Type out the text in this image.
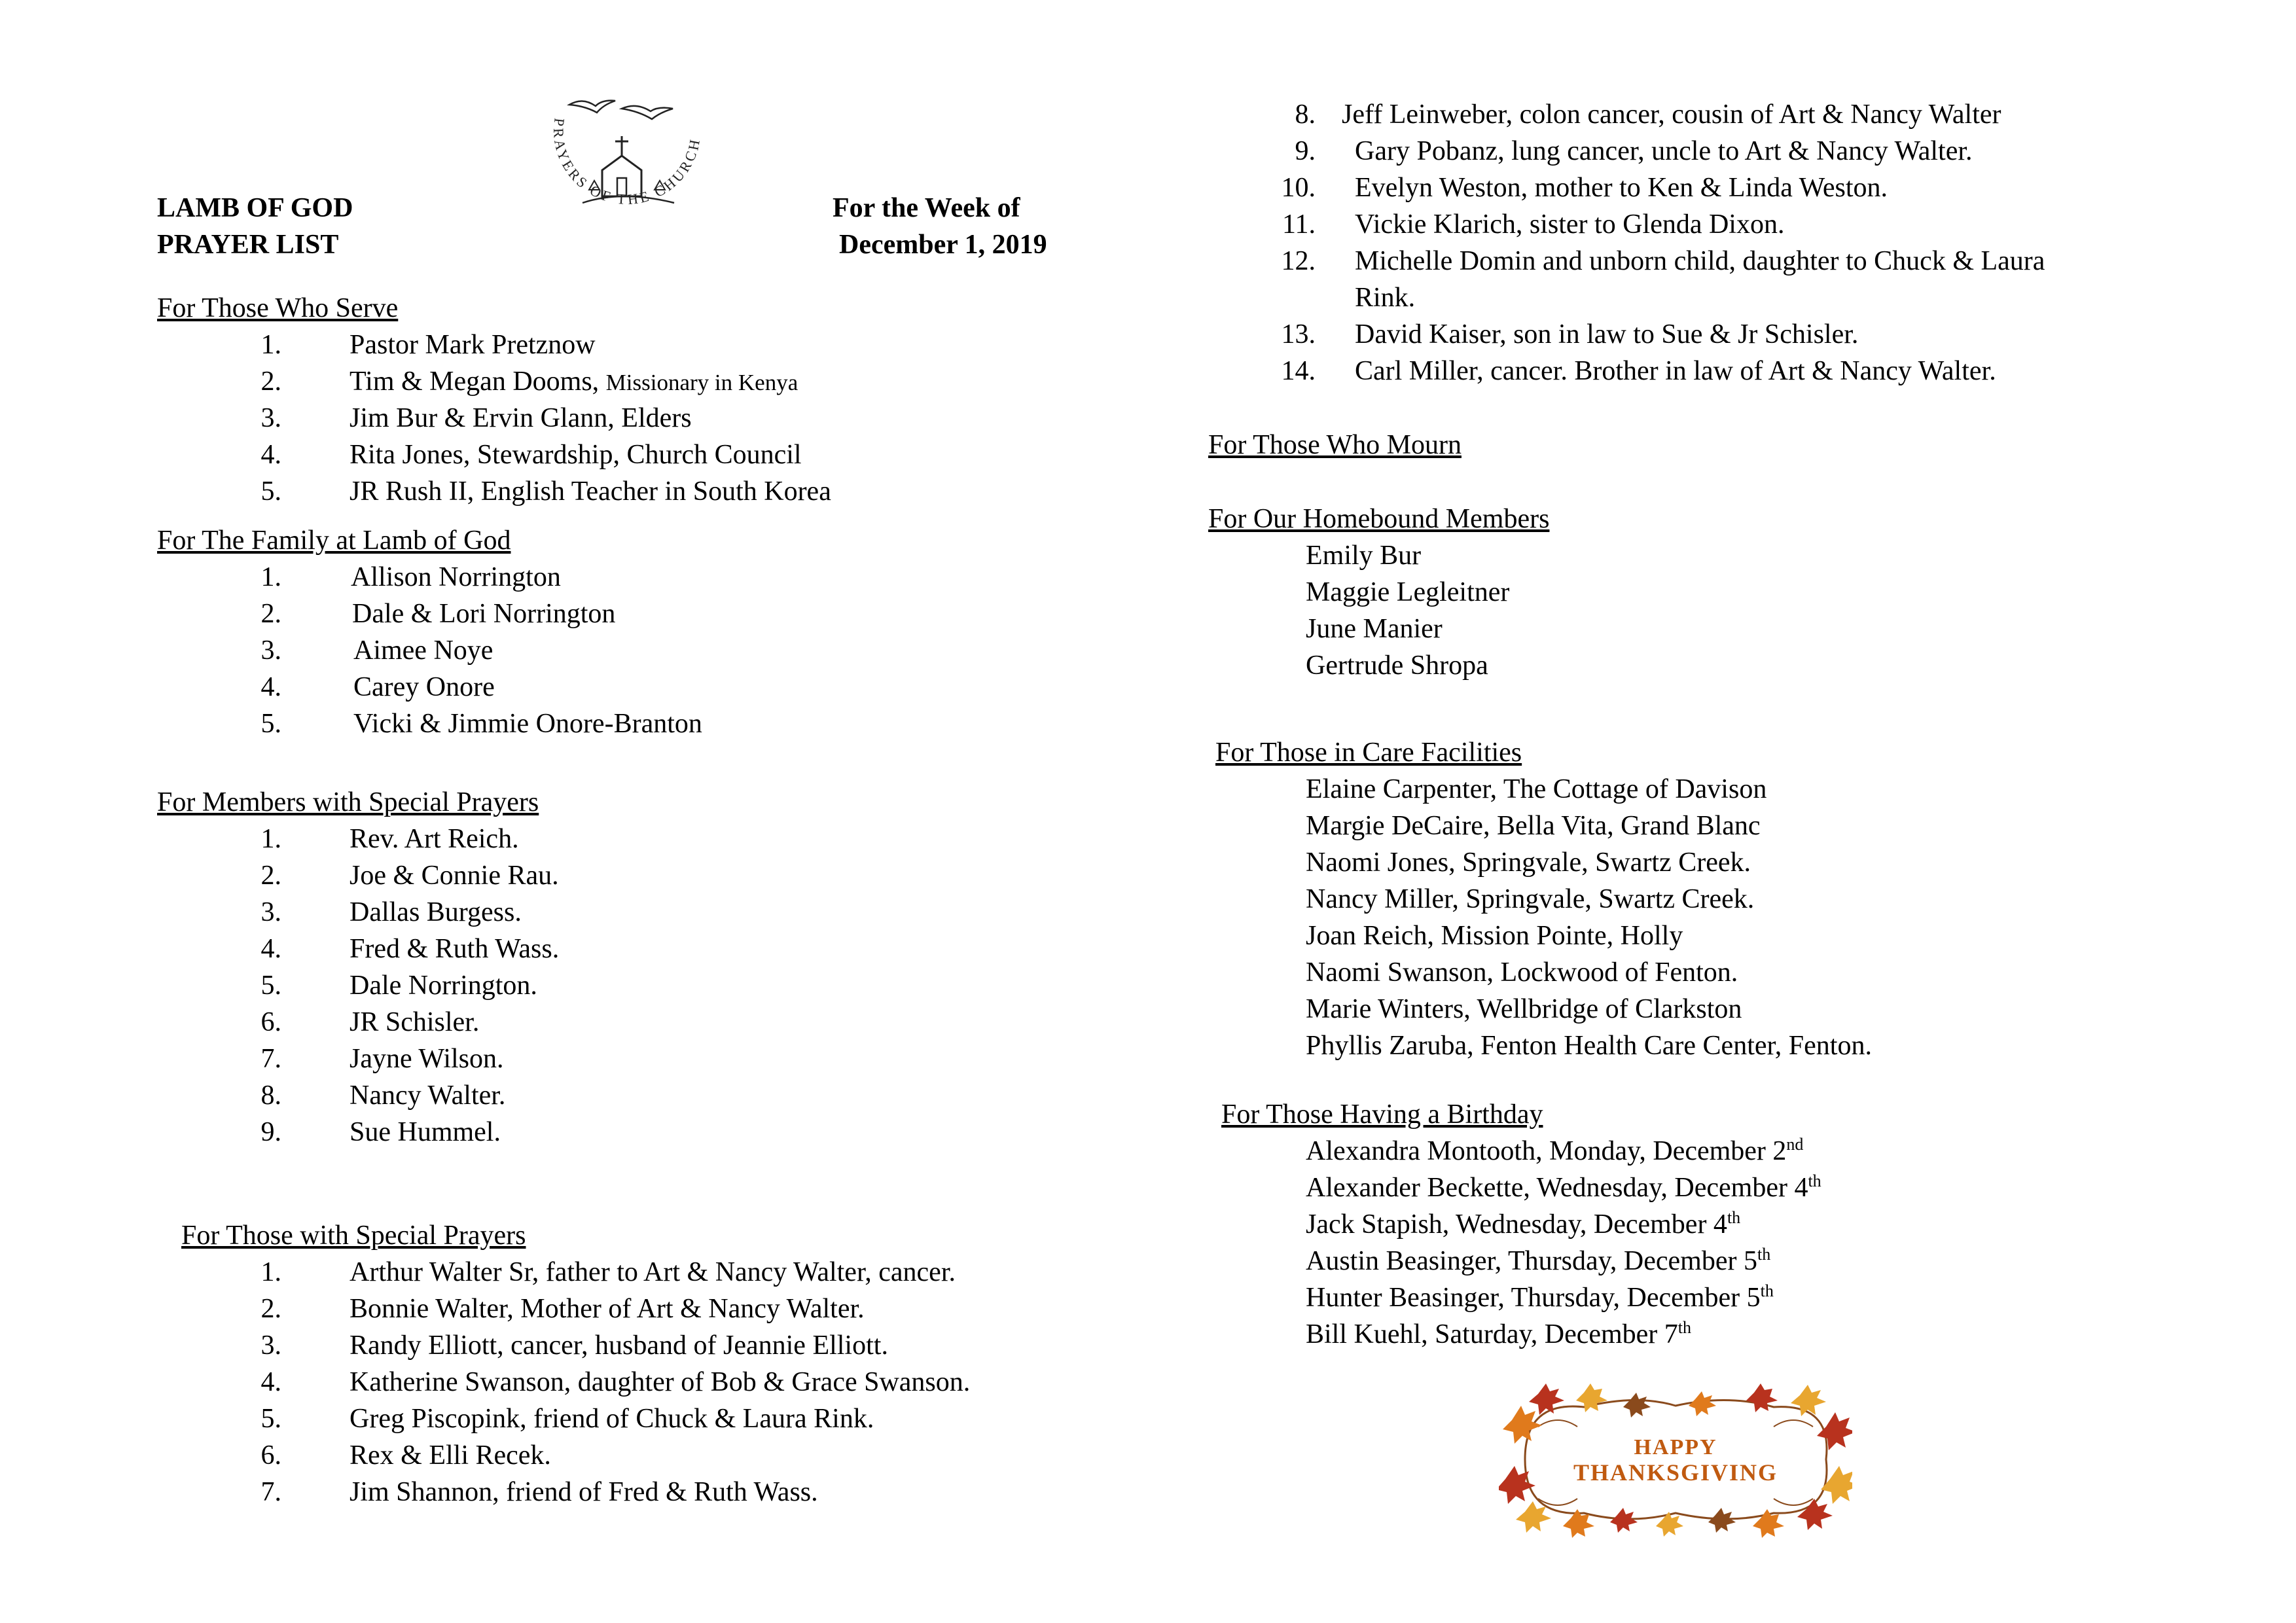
LAMB OF GOD
PRAYER LIST
For the Week of
December 1, 2019
PRAYERS OF THE CHURCH
For Those Who Serve
1. Pastor Mark Pretznow
2. Tim & Megan Dooms, Missionary in Kenya
3. Jim Bur & Ervin Glann, Elders
4. Rita Jones, Stewardship, Church Council
5. JR Rush II, English Teacher in South Korea
For The Family at Lamb of God
1.	Allison Norrington
2.	Dale & Lori Norrington
3.	Aimee Noye
4.	Carey Onore
5.	Vicki & Jimmie Onore-Branton
For Members with Special Prayers
1. Rev. Art Reich.
2. Joe & Connie Rau.
3. Dallas Burgess.
4. Fred & Ruth Wass.
5. Dale Norrington.
6. JR Schisler.
7. Jayne Wilson.
8. Nancy Walter.
9. Sue Hummel.
For Those with Special Prayers
1. Arthur Walter Sr, father to Art & Nancy Walter, cancer.
2. Bonnie Walter, Mother of Art & Nancy Walter.
3. Randy Elliott, cancer, husband of Jeannie Elliott.
4. Katherine Swanson, daughter of Bob & Grace Swanson.
5. Greg Piscopink, friend of Chuck & Laura Rink.
6. Rex & Elli Recek.
7. Jim Shannon, friend of Fred & Ruth Wass.
8. Jeff Leinweber, colon cancer, cousin of Art & Nancy Walter
9. Gary Pobanz, lung cancer, uncle to Art & Nancy Walter.
10. Evelyn Weston, mother to Ken & Linda Weston.
11. Vickie Klarich, sister to Glenda Dixon.
12. Michelle Domin and unborn child, daughter to Chuck & Laura
Rink.
13. David Kaiser, son in law to Sue & Jr Schisler.
14. Carl Miller, cancer. Brother in law of Art & Nancy Walter.
For Those Who Mourn
For Our Homebound Members
Emily Bur
Maggie Legleitner
June Manier
Gertrude Shropa
For Those in Care Facilities
Elaine Carpenter, The Cottage of Davison
Margie DeCaire, Bella Vita, Grand Blanc
Naomi Jones, Springvale, Swartz Creek.
Nancy Miller, Springvale, Swartz Creek.
Joan Reich, Mission Pointe, Holly
Naomi Swanson, Lockwood of Fenton.
Marie Winters, Wellbridge of Clarkston
Phyllis Zaruba, Fenton Health Care Center, Fenton.
For Those Having a Birthday
Alexandra Montooth, Monday, December 2nd
Alexander Beckette, Wednesday, December 4th
Jack Stapish, Wednesday, December 4th
Austin Beasinger, Thursday, December 5th
Hunter Beasinger, Thursday, December 5th
Bill Kuehl, Saturday, December 7th
HAPPY
THANKSGIVING
